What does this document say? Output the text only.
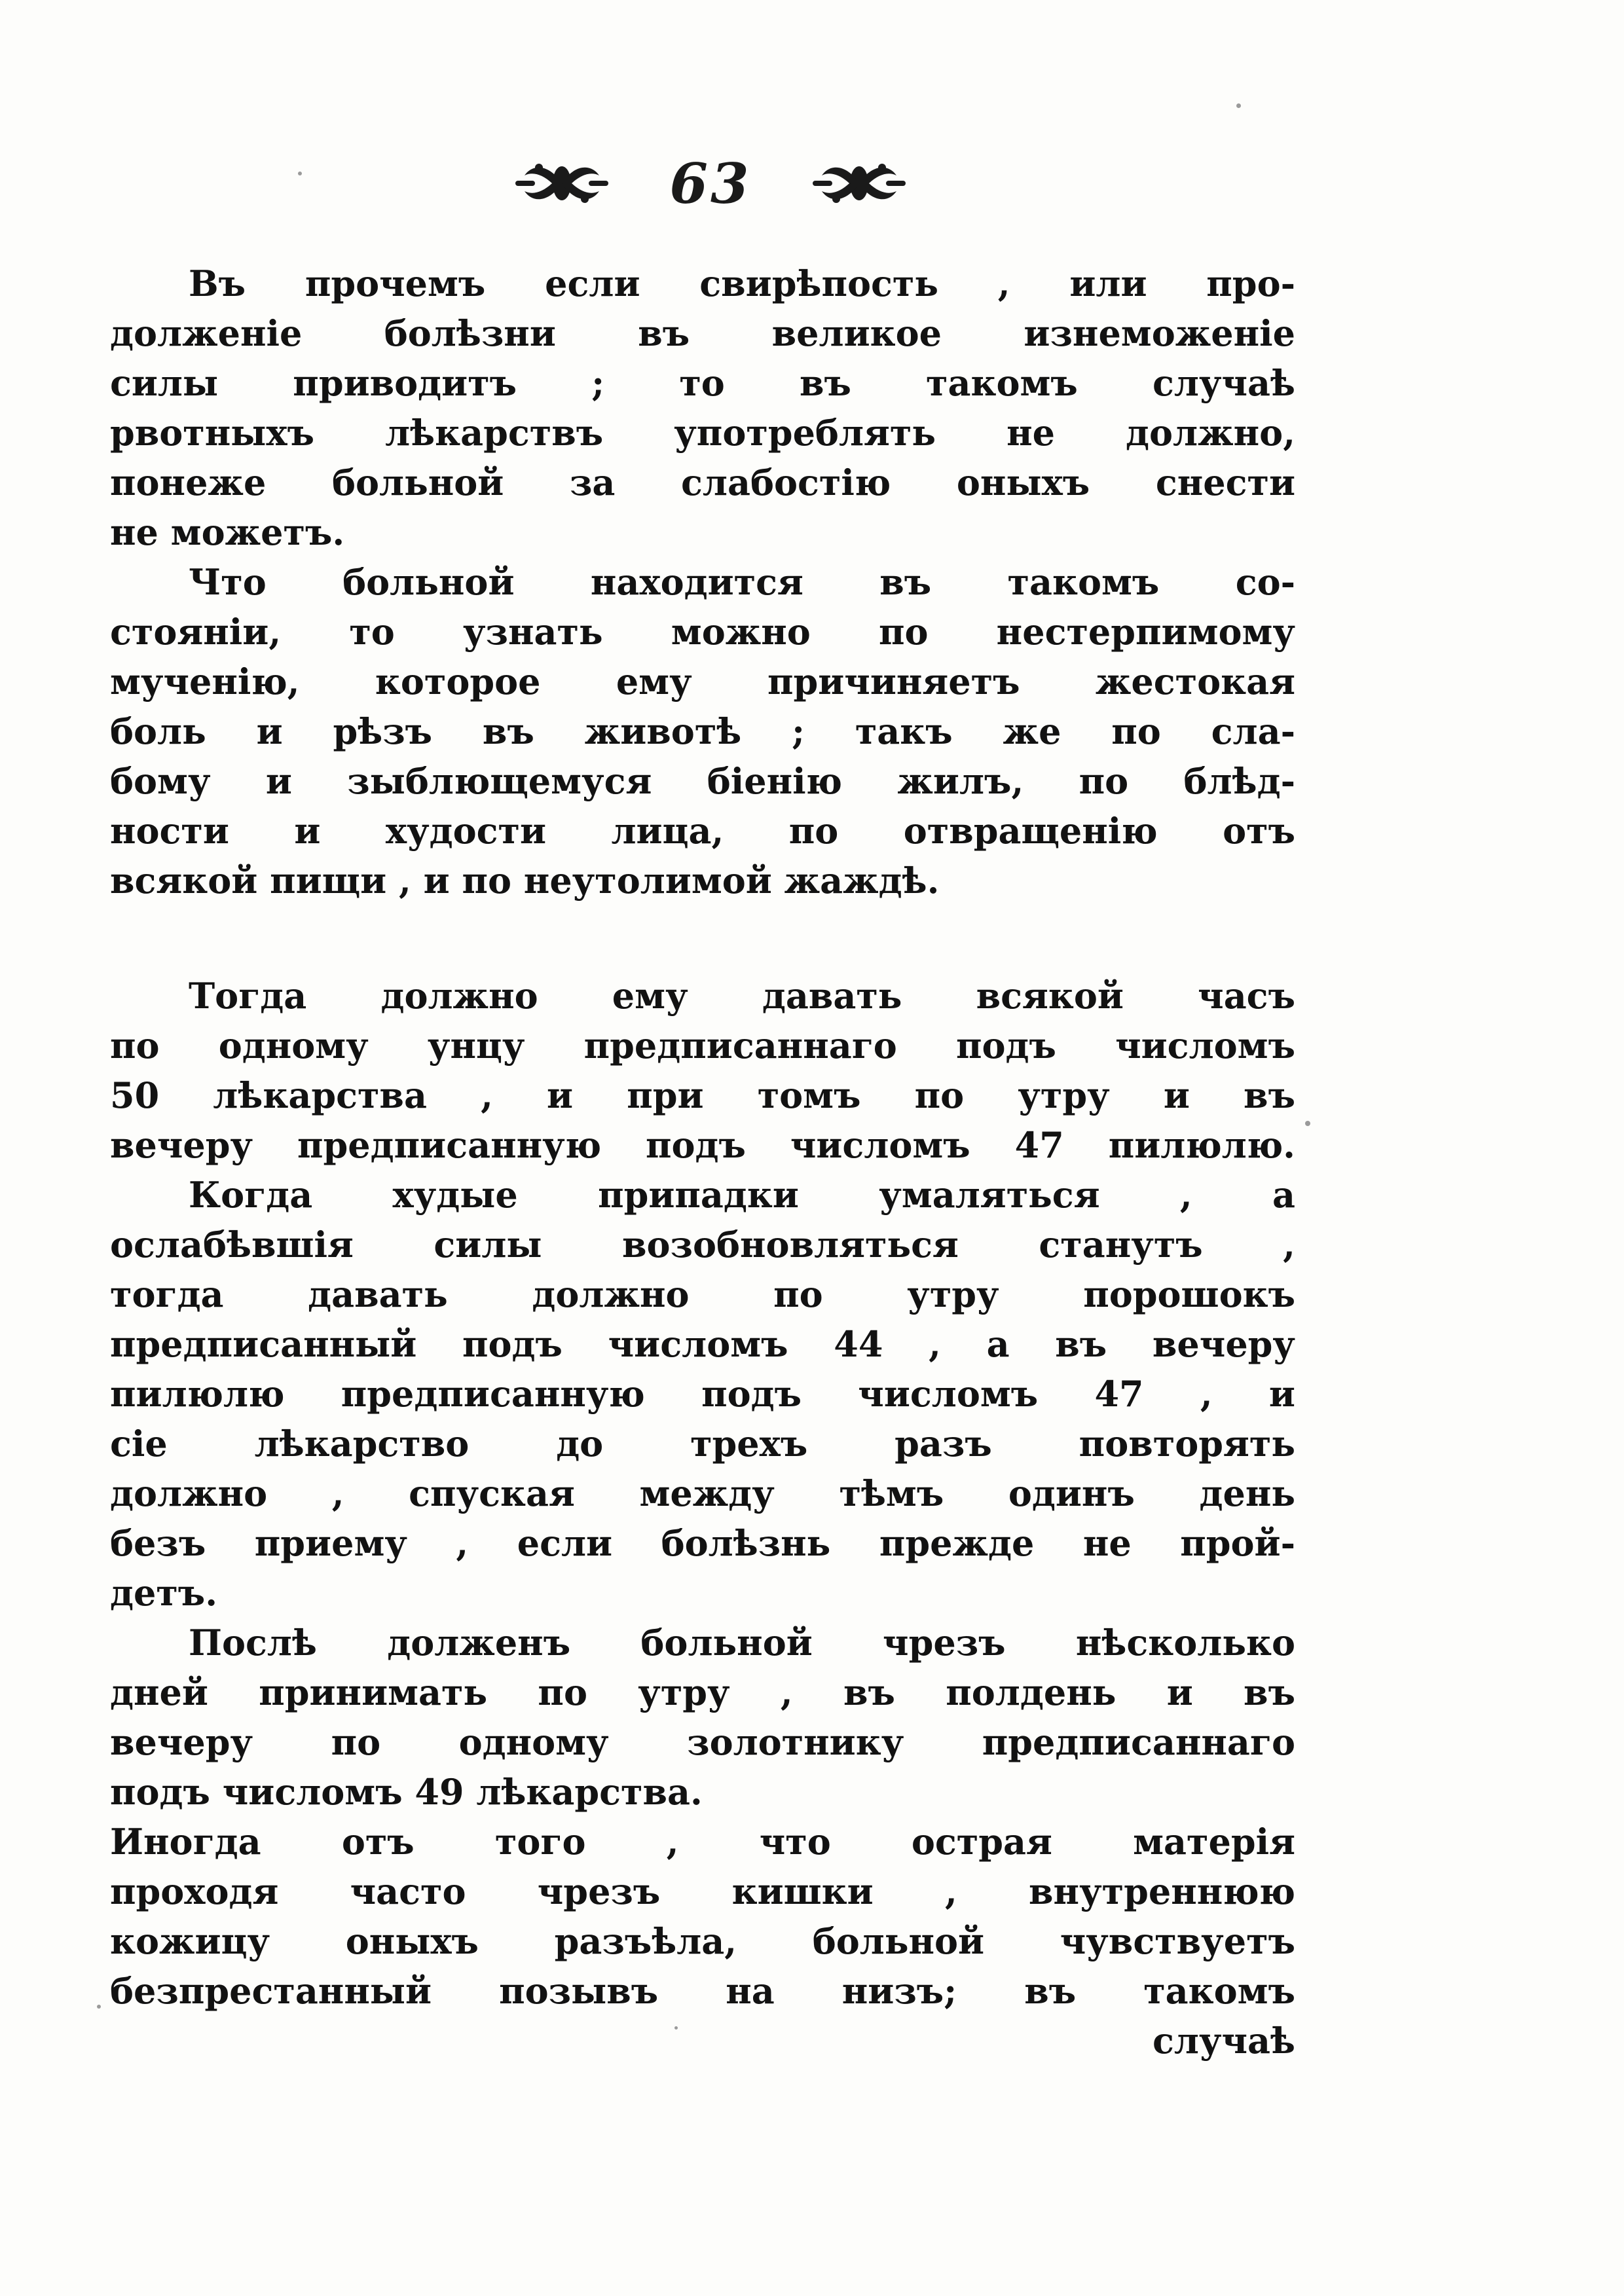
63
Въ прочемъ если свирѣпость , или про-
долженіе болѣзни въ великое изнеможеніе
силы приводитъ ; то въ такомъ случаѣ
рвотныхъ лѣкарствъ употреблять не должно,
понеже больной за слабостію оныхъ снести
не можетъ.
Что больной находится въ такомъ со-
стояніи, то узнать можно по нестерпимому
мученію, которое ему причиняетъ жестокая
боль и рѣзъ въ животѣ ; такъ же по сла-
бому и зыблющемуся біенію жилъ, по блѣд-
ности и худости лица, по отвращенію отъ
всякой пищи , и по неутолимой жаждѣ.
Тогда должно ему давать всякой часъ
по одному унцу предписаннаго подъ числомъ
50 лѣкарства , и при томъ по утру и въ
вечеру предписанную подъ числомъ 47 пилюлю.
Когда худые припадки умаляться , а
ослабѣвшія силы возобновляться станутъ ,
тогда давать должно по утру порошокъ
предписанный подъ числомъ 44 , а въ вечеру
пилюлю предписанную подъ числомъ 47 , и
сіе лѣкарство до трехъ разъ повторять
должно , спуская между тѣмъ одинъ день
безъ приему , если болѣзнь прежде не прой-
детъ.
Послѣ долженъ больной чрезъ нѣсколько
дней принимать по утру , въ полдень и въ
вечеру по одному золотнику предписаннаго
подъ числомъ 49 лѣкарства.
Иногда отъ того , что острая матерія
проходя часто чрезъ кишки , внутреннюю
кожицу оныхъ разъѣла, больной чувствуетъ
безпрестанный позывъ на низъ; въ такомъ
случаѣ
